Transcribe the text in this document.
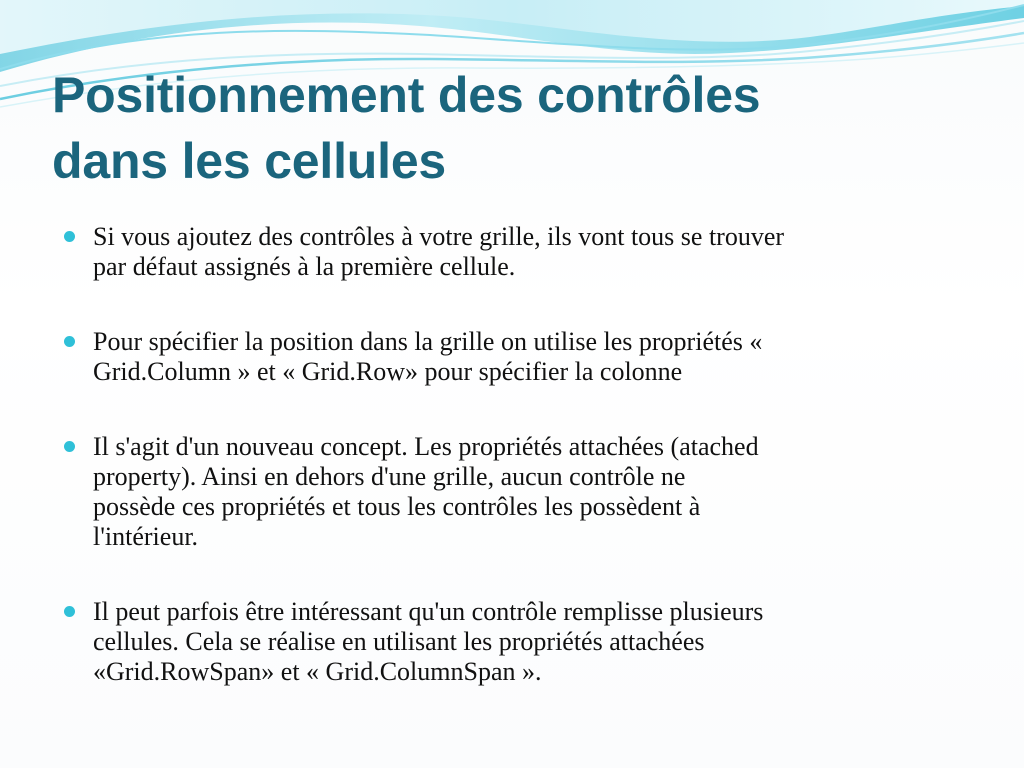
Positionnement des contrôles
dans les cellules
Si vous ajoutez des contrôles à votre grille, ils vont tous se trouver
par défaut assignés à la première cellule.
Pour spécifier la position dans la grille on utilise les propriétés «
Grid.Column » et « Grid.Row» pour spécifier la colonne
Il s'agit d'un nouveau concept. Les propriétés attachées (atached
property). Ainsi en dehors d'une grille, aucun contrôle ne
possède ces propriétés et tous les contrôles les possèdent à
l'intérieur.
Il peut parfois être intéressant qu'un contrôle remplisse plusieurs
cellules. Cela se réalise en utilisant les propriétés attachées
«Grid.RowSpan» et « Grid.ColumnSpan ».
